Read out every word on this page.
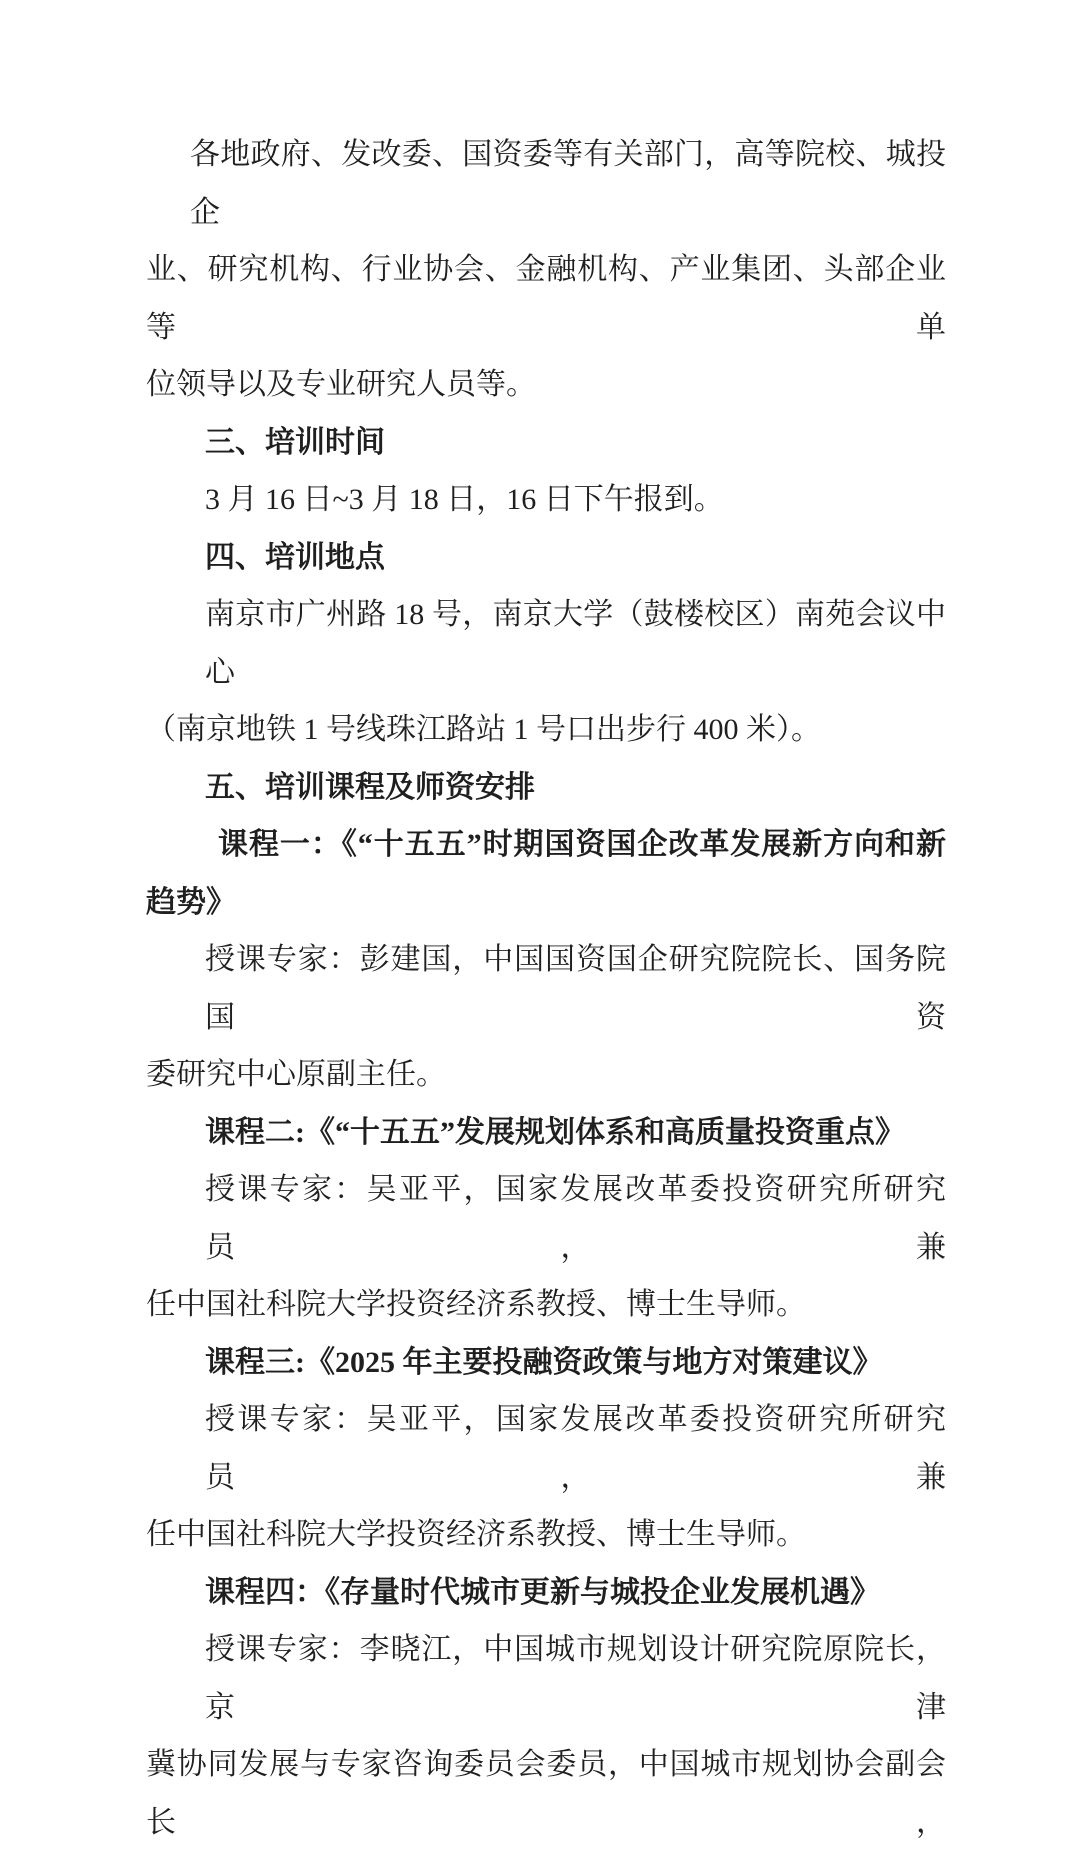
各地政府、发改委、国资委等有关部门，高等院校、城投企
业、研究机构、行业协会、金融机构、产业集团、头部企业等单
位领导以及专业研究人员等。
三、培训时间
3 月 16 日~3 月 18 日，16 日下午报到。
四、培训地点
南京市广州路 18 号，南京大学（鼓楼校区）南苑会议中心
（南京地铁 1 号线珠江路站 1 号口出步行 400 米）。
五、培训课程及师资安排
课程一：《“十五五”时期国资国企改革发展新方向和新
趋势》
授课专家：彭建国，中国国资国企研究院院长、国务院国资
委研究中心原副主任。
课程二:《“十五五”发展规划体系和高质量投资重点》
授课专家：吴亚平，国家发展改革委投资研究所研究员，兼
任中国社科院大学投资经济系教授、博士生导师。
课程三:《2025 年主要投融资政策与地方对策建议》
授课专家：吴亚平，国家发展改革委投资研究所研究员，兼
任中国社科院大学投资经济系教授、博士生导师。
课程四：《存量时代城市更新与城投企业发展机遇》
授课专家：李晓江，中国城市规划设计研究院原院长，京津
冀协同发展与专家咨询委员会委员，中国城市规划协会副会长，
